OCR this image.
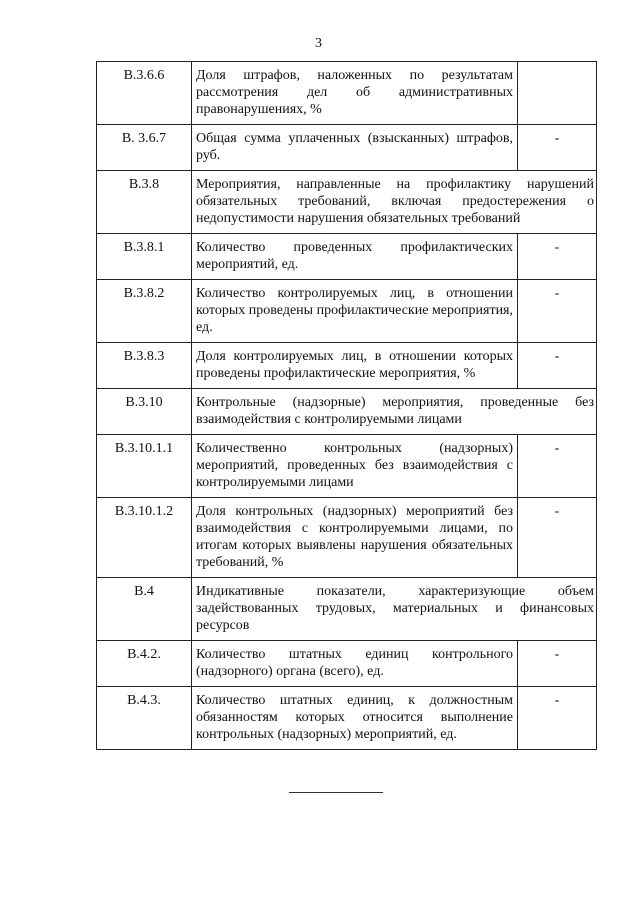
3
В.3.6.6	Доля штрафов, наложенных по результатам рассмотрения дел об административных правонарушениях, %	
В. 3.6.7	Общая сумма уплаченных (взысканных) штрафов, руб.	-
В.3.8	Мероприятия, направленные на профилактику нарушений обязательных требований, включая предостережения о недопустимости нарушения обязательных требований	
В.3.8.1	Количество проведенных профилактических мероприятий, ед.	-
В.3.8.2	Количество контролируемых лиц, в отношении которых проведены профилактические мероприятия, ед.	-
В.3.8.3	Доля контролируемых лиц, в отношении которых проведены профилактические мероприятия, %	-
В.3.10	Контрольные (надзорные) мероприятия, проведенные без взаимодействия с контролируемыми лицами	
В.3.10.1.1	Количественно контрольных (надзорных) мероприятий, проведенных без взаимодействия с контролируемыми лицами	-
В.3.10.1.2	Доля контрольных (надзорных) мероприятий без взаимодействия с контролируемыми лицами, по итогам которых выявлены нарушения обязательных требований, %	-
В.4	Индикативные показатели, характеризующие объем задействованных трудовых, материальных и финансовых ресурсов	
В.4.2.	Количество штатных единиц контрольного (надзорного) органа (всего), ед.	-
В.4.3.	Количество штатных единиц, к должностным обязанностям которых относится выполнение контрольных (надзорных) мероприятий, ед.	-
